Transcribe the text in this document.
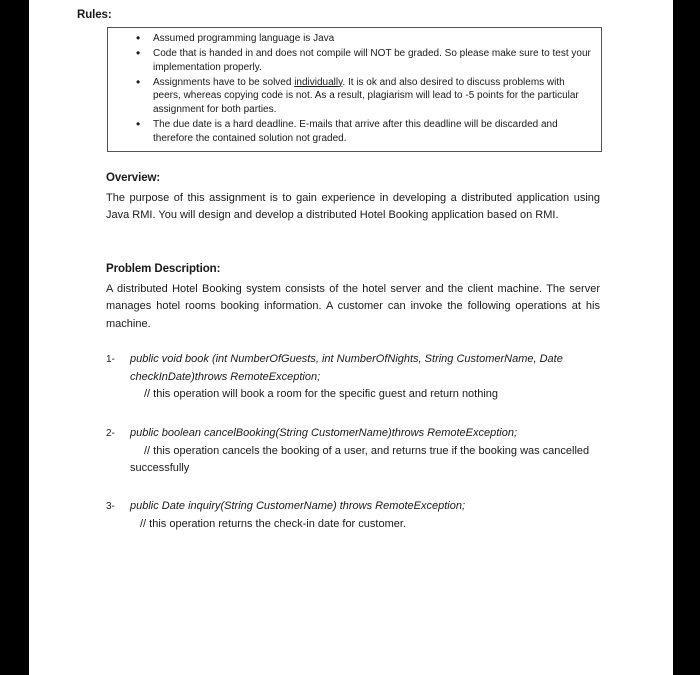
Rules:
• Assumed programming language is Java
• Code that is handed in and does not compile will NOT be graded. So please make sure to test your implementation properly.
• Assignments have to be solved individually. It is ok and also desired to discuss problems with peers, whereas copying code is not. As a result, plagiarism will lead to -5 points for the particular assignment for both parties.
• The due date is a hard deadline. E-mails that arrive after this deadline will be discarded and therefore the contained solution not graded.
Overview:

The purpose of this assignment is to gain experience in developing a distributed application using Java RMI. You will design and develop a distributed Hotel Booking application based on RMI.

Problem Description:

A distributed Hotel Booking system consists of the hotel server and the client machine. The server manages hotel rooms booking information. A customer can invoke the following operations at his machine.

1- public void book (int NumberOfGuests, int NumberOfNights, String CustomerName, Date checkInDate)throws RemoteException;
// this operation will book a room for the specific guest and return nothing
2- public boolean cancelBooking(String CustomerName)throws RemoteException;
// this operation cancels the booking of a user, and returns true if the booking was cancelled successfully
3- public Date inquiry(String CustomerName) throws RemoteException;
// this operation returns the check-in date for customer.
